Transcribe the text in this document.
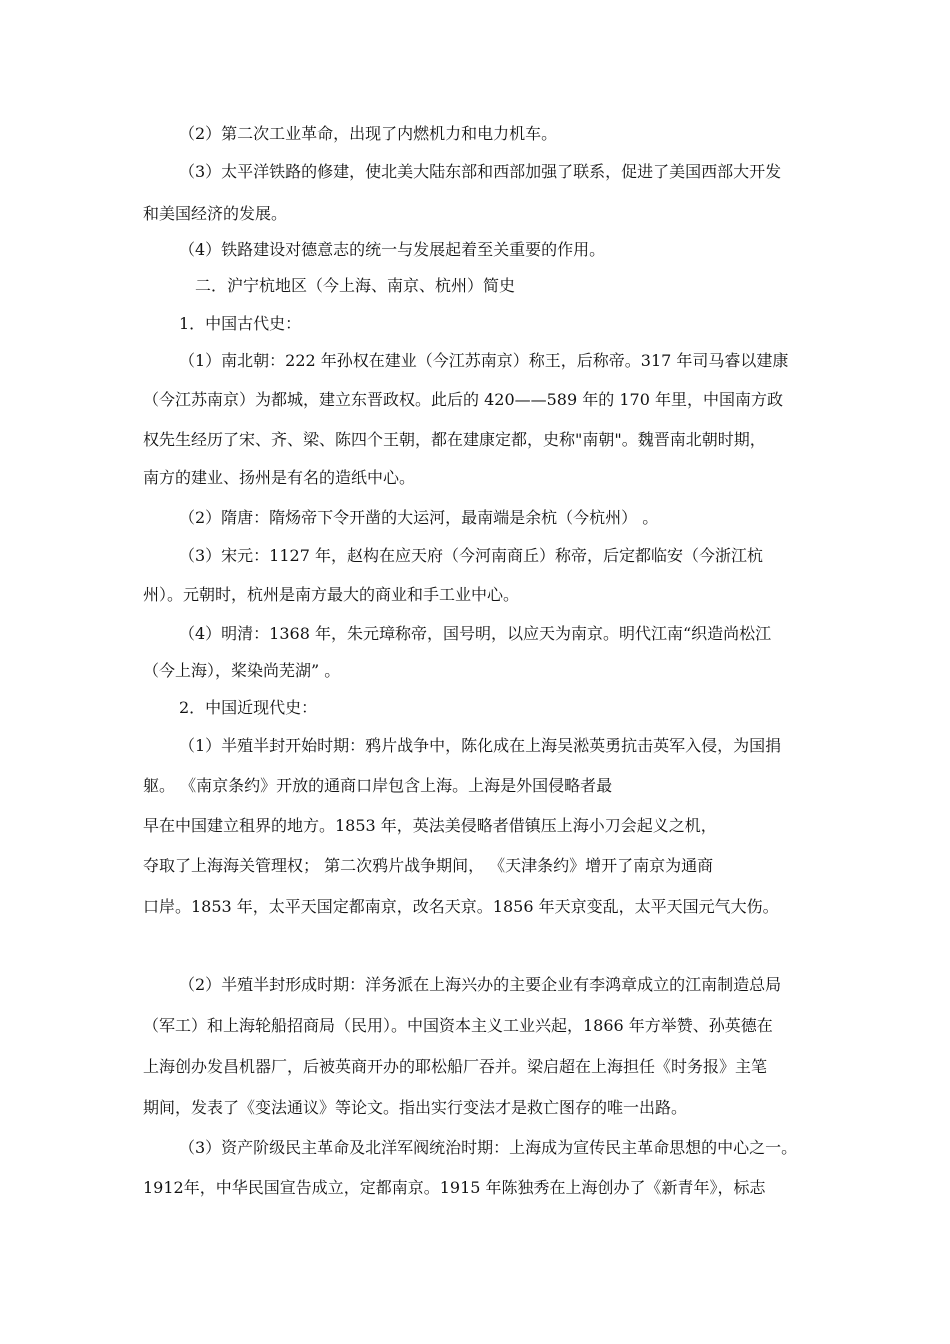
（2）第二次工业革命，出现了内燃机力和电力机车。
（3）太平洋铁路的修建，使北美大陆东部和西部加强了联系，促进了美国西部大开发
和美国经济的发展。
（4）铁路建设对德意志的统一与发展起着至关重要的作用。
二．沪宁杭地区（今上海、南京、杭州）简史
1．中国古代史：
（1）南北朝：222 年孙权在建业（今江苏南京）称王，后称帝。317 年司马睿以建康
（今江苏南京）为都城，建立东晋政权。此后的 420——589 年的 170 年里，中国南方政
权先生经历了宋、齐、梁、陈四个王朝，都在建康定都，史称"南朝"。魏晋南北朝时期，
南方的建业、扬州是有名的造纸中心。
（2）隋唐：隋炀帝下令开凿的大运河，最南端是余杭（今杭州） 。
（3）宋元：1127 年，赵构在应天府（今河南商丘）称帝，后定都临安（今浙江杭
州）。元朝时，杭州是南方最大的商业和手工业中心。
（4）明清：1368 年，朱元璋称帝，国号明，以应天为南京。明代江南“织造尚松江
（今上海），桨染尚芜湖” 。
2．中国近现代史：
（1）半殖半封开始时期：鸦片战争中，陈化成在上海吴淞英勇抗击英军入侵，为国捐
躯。 《南京条约》开放的通商口岸包含上海。上海是外国侵略者最
早在中国建立租界的地方。1853 年，英法美侵略者借镇压上海小刀会起义之机，
夺取了上海海关管理权； 第二次鸦片战争期间， 《天津条约》增开了南京为通商
口岸。1853 年，太平天国定都南京，改名天京。1856 年天京变乱，太平天国元气大伤。
（2）半殖半封形成时期：洋务派在上海兴办的主要企业有李鸿章成立的江南制造总局
（军工）和上海轮船招商局（民用）。中国资本主义工业兴起，1866 年方举赞、孙英德在
上海创办发昌机器厂，后被英商开办的耶松船厂吞并。梁启超在上海担任《时务报》主笔
期间，发表了《变法通议》等论文。指出实行变法才是救亡图存的唯一出路。
（3）资产阶级民主革命及北洋军阀统治时期：上海成为宣传民主革命思想的中心之一。
1912年，中华民国宣告成立，定都南京。1915 年陈独秀在上海创办了《新青年》，标志
